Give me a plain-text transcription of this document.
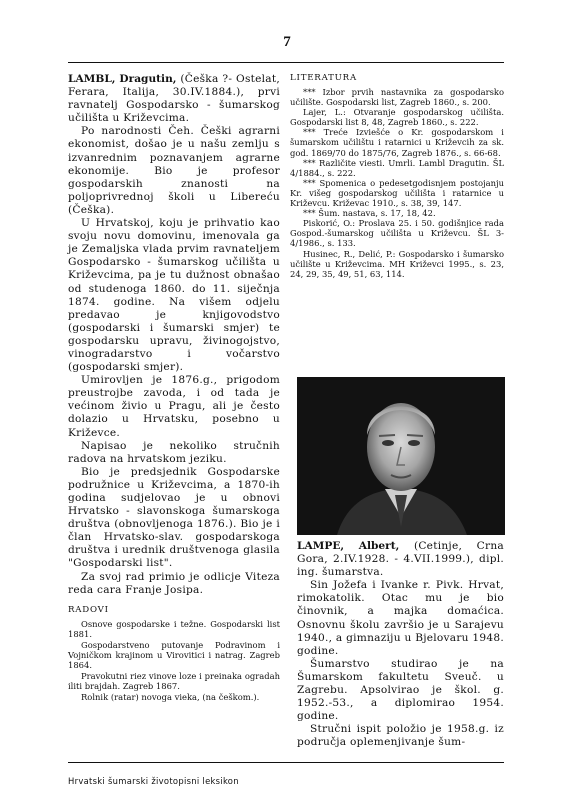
7

LAMBL, Dragutin, (Češka ?- Ostelat, Ferara, Italija, 30.IV.1884.), prvi ravnatelj Gospodarsko - šumarskog učilišta u Križevcima.

Po narodnosti Čeh. Češki agrarni ekonomist, došao je u našu zemlju s izvanrednim poznavanjem agrarne ekonomije. Bio je profesor gospodarskih znanosti na poljoprivrednoj školi u Libereću (Češka).

U Hrvatskoj, koju je prihvatio kao svoju novu domovinu, imenovala ga je Zemaljska vlada prvim ravnateljem Gospodarsko - šumarskog učilišta u Križevcima, pa je tu dužnost obnašao od studenoga 1860. do 11. siječnja 1874. godine. Na višem odjelu predavao je knjigovodstvo (gospodarski i šumarski smjer) te gospodarsku upravu, živinogojstvo, vinogradarstvo i vočarstvo (gospodarski smjer).

Umirovljen je 1876.g., prigodom preustrojbe zavoda, i od tada je većinom živio u Pragu, ali je često dolazio u Hrvatsku, posebno u Križevce.

Napisao je nekoliko stručnih radova na hrvatskom jeziku.

Bio je predsjednik Gospodarske podružnice u Križevcima, a 1870-ih godina sudjelovao je u obnovi Hrvatsko - slavonskoga šumarskoga društva (obnovljenoga 1876.). Bio je i član Hrvatsko-slav. gospodarskoga društva i urednik društvenoga glasila "Gospodarski list".

Za svoj rad primio je odlicje Viteza reda cara Franje Josipa.

RADOVI

Osnove gospodarske i težne. Gospodarski list 1881.

Gospodarstveno putovanje Podravinom i Vojničkom krajinom u Virovitici i natrag. Zagreb 1864.

Pravokutni riez vinove loze i preinaka ogradah iliti brajdah. Zagreb 1867.

Rolnik (ratar) novoga vieka, (na češkom.).

LITERATURA

*** Izbor prvih nastavnika za gospodarsko učilište. Gospodarski list, Zagreb 1860., s. 200.

Lajer, L.: Otvaranje gospodarskog učilišta. Gospodarski list 8, 48, Zagreb 1860., s. 222.

*** Treće Izviešće o Kr. gospodarskom i šumarskom učilištu i ratarnici u Križevcih za sk. god. 1869/70 do 1875/76, Zagreb 1876., s. 66-68.

*** Različite viesti. Umrli. Lambl Dragutin. ŠL 4/1884., s. 222.

*** Spomenica o pedesetgodisnjem postojanju Kr. višeg gospodarskog učilišta i ratarnice u Križevcu. Križevac 1910., s. 38, 39, 147.

*** Šum. nastava, s. 17, 18, 42.

Piskorić, O.: Proslava 25. i 50. godišnjice rada Gospod.-šumarskog učilišta u Križevcu. ŠL 3-4/1986., s. 133.

Husinec, R., Delić, P.: Gospodarsko i šumarsko učilište u Križevcima. MH Križevci 1995., s. 23, 24, 29, 35, 49, 51, 63, 114.

LAMPE, Albert, (Cetinje, Crna Gora, 2.IV.1928. - 4.VII.1999.), dipl. ing. šumarstva.

Sin Jožefa i Ivanke r. Pivk. Hrvat, rimokatolik. Otac mu je bio činovnik, a majka domaćica. Osnovnu školu završio je u Sarajevu 1940., a gimnaziju u Bjelovaru 1948. godine.

Šumarstvo studirao je na Šumarskom fakultetu Sveuč. u Zagrebu. Apsolvirao je škol. g. 1952.-53., a diplomirao 1954. godine.

Stručni ispit položio je 1958.g. iz područja oplemenjivanje šum-

Hrvatski šumarski životopisni leksikon
